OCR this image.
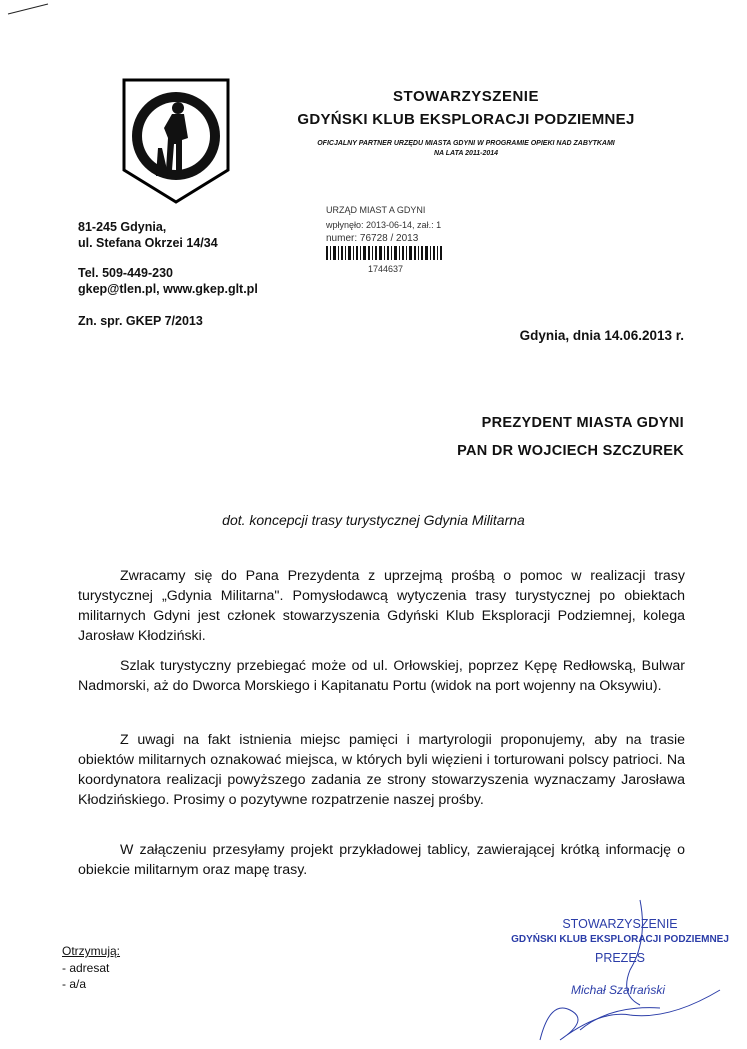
STOWARZYSZENIE
GDYŃSKI KLUB EKSPLORACJI PODZIEMNEJ
OFICJALNY PARTNER URZĘDU MIASTA GDYNI W PROGRAMIE OPIEKI NAD ZABYTKAMI
NA LATA 2011-2014
81-245 Gdynia,
ul. Stefana Okrzei 14/34
Tel. 509-449-230
gkep@tlen.pl, www.gkep.glt.pl
Zn. spr. GKEP 7/2013
URZĄD MIAST A GDYNI
wpłynęło: 2013-06-14, zał.: 1
numer: 76728 / 2013
1744637
Gdynia, dnia 14.06.2013 r.
PREZYDENT MIASTA GDYNI
PAN DR WOJCIECH SZCZUREK
dot. koncepcji trasy turystycznej Gdynia Militarna

Zwracamy się do Pana Prezydenta z uprzejmą prośbą o pomoc w realizacji trasy turystycznej „Gdynia Militarna". Pomysłodawcą wytyczenia trasy turystycznej po obiektach militarnych Gdyni jest członek stowarzyszenia Gdyński Klub Eksploracji Podziemnej, kolega Jarosław Kłodziński.

Szlak turystyczny przebiegać może od ul. Orłowskiej, poprzez Kępę Redłowską, Bulwar Nadmorski, aż do Dworca Morskiego i Kapitanatu Portu (widok na port wojenny na Oksywiu).

Z uwagi na fakt istnienia miejsc pamięci i martyrologii proponujemy, aby na trasie obiektów militarnych oznakować miejsca, w których byli więzieni i torturowani polscy patrioci. Na koordynatora realizacji powyższego zadania ze strony stowarzyszenia wyznaczamy Jarosława Kłodzińskiego. Prosimy o pozytywne rozpatrzenie naszej prośby.

W załączeniu przesyłamy projekt przykładowej tablicy, zawierającej krótką informację o obiekcie militarnym oraz mapę trasy.

STOWARZYSZENIE
GDYŃSKI KLUB EKSPLORACJI PODZIEMNEJ
PREZES
Michał Szafrański
Otrzymują:
- adresat
- a/a
